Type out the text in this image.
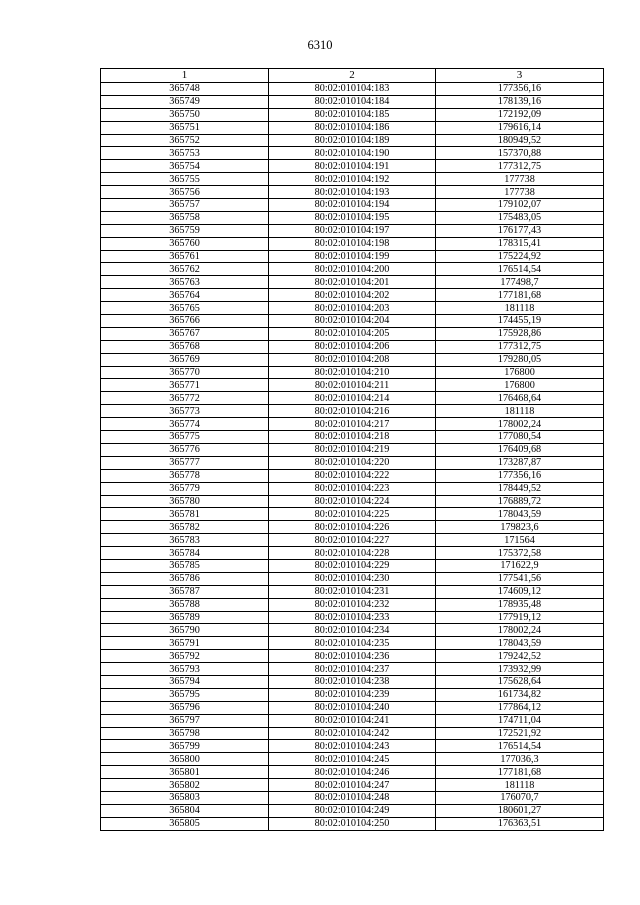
6310
1	2	3
365748	80:02:010104:183	177356,16
365749	80:02:010104:184	178139,16
365750	80:02:010104:185	172192,09
365751	80:02:010104:186	179616,14
365752	80:02:010104:189	180949,52
365753	80:02:010104:190	157370,88
365754	80:02:010104:191	177312,75
365755	80:02:010104:192	177738
365756	80:02:010104:193	177738
365757	80:02:010104:194	179102,07
365758	80:02:010104:195	175483,05
365759	80:02:010104:197	176177,43
365760	80:02:010104:198	178315,41
365761	80:02:010104:199	175224,92
365762	80:02:010104:200	176514,54
365763	80:02:010104:201	177498,7
365764	80:02:010104:202	177181,68
365765	80:02:010104:203	181118
365766	80:02:010104:204	174455,19
365767	80:02:010104:205	175928,86
365768	80:02:010104:206	177312,75
365769	80:02:010104:208	179280,05
365770	80:02:010104:210	176800
365771	80:02:010104:211	176800
365772	80:02:010104:214	176468,64
365773	80:02:010104:216	181118
365774	80:02:010104:217	178002,24
365775	80:02:010104:218	177080,54
365776	80:02:010104:219	176409,68
365777	80:02:010104:220	173287,87
365778	80:02:010104:222	177356,16
365779	80:02:010104:223	178449,52
365780	80:02:010104:224	176889,72
365781	80:02:010104:225	178043,59
365782	80:02:010104:226	179823,6
365783	80:02:010104:227	171564
365784	80:02:010104:228	175372,58
365785	80:02:010104:229	171622,9
365786	80:02:010104:230	177541,56
365787	80:02:010104:231	174609,12
365788	80:02:010104:232	178935,48
365789	80:02:010104:233	177919,12
365790	80:02:010104:234	178002,24
365791	80:02:010104:235	178043,59
365792	80:02:010104:236	179242,52
365793	80:02:010104:237	173932,99
365794	80:02:010104:238	175628,64
365795	80:02:010104:239	161734,82
365796	80:02:010104:240	177864,12
365797	80:02:010104:241	174711,04
365798	80:02:010104:242	172521,92
365799	80:02:010104:243	176514,54
365800	80:02:010104:245	177036,3
365801	80:02:010104:246	177181,68
365802	80:02:010104:247	181118
365803	80:02:010104:248	176070,7
365804	80:02:010104:249	180601,27
365805	80:02:010104:250	176363,51
